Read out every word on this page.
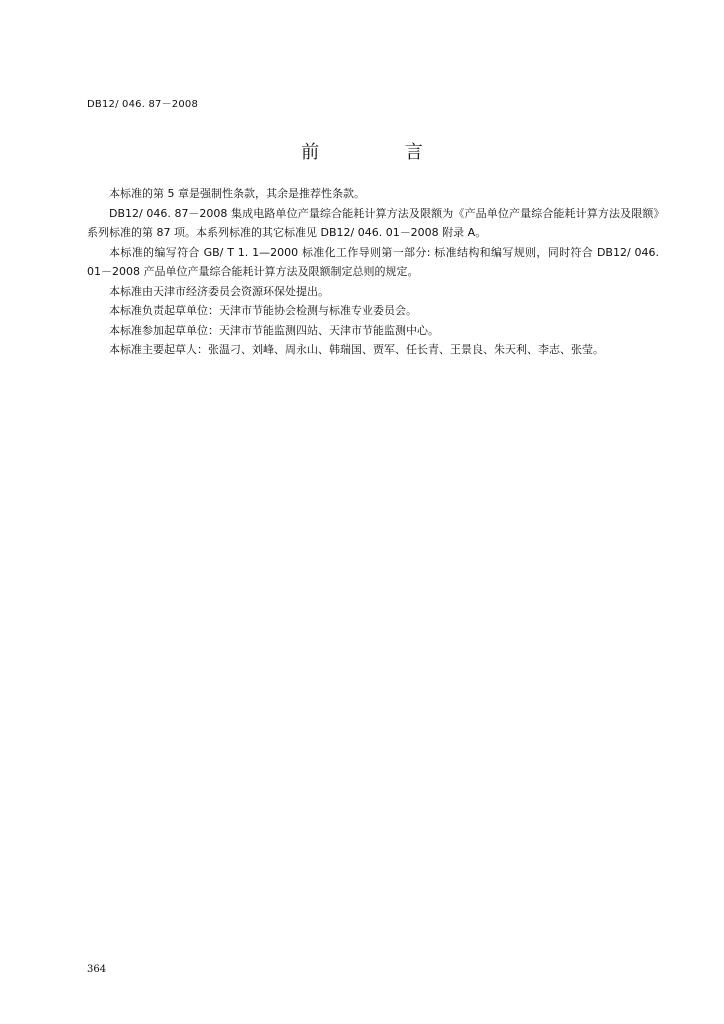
DB12/ 046. 87－2008
前 言

本标准的第 5 章是强制性条款，其余是推荐性条款。

DB12/ 046. 87－2008 集成电路单位产量综合能耗计算方法及限额为《产品单位产量综合能耗计算方法及限额》系列标准的第 87 项。本系列标准的其它标准见 DB12/ 046. 01－2008 附录 A。

本标准的编写符合 GB/ T 1. 1—2000 标准化工作导则第一部分: 标准结构和编写规则，同时符合 DB12/ 046. 01－2008 产品单位产量综合能耗计算方法及限额制定总则的规定。

本标准由天津市经济委员会资源环保处提出。

本标准负责起草单位：天津市节能协会检测与标准专业委员会。

本标准参加起草单位：天津市节能监测四站、天津市节能监测中心。

本标准主要起草人：张温刁、刘峰、周永山、韩瑞国、贾军、任长青、王景良、朱天利、李志、张莹。

364
